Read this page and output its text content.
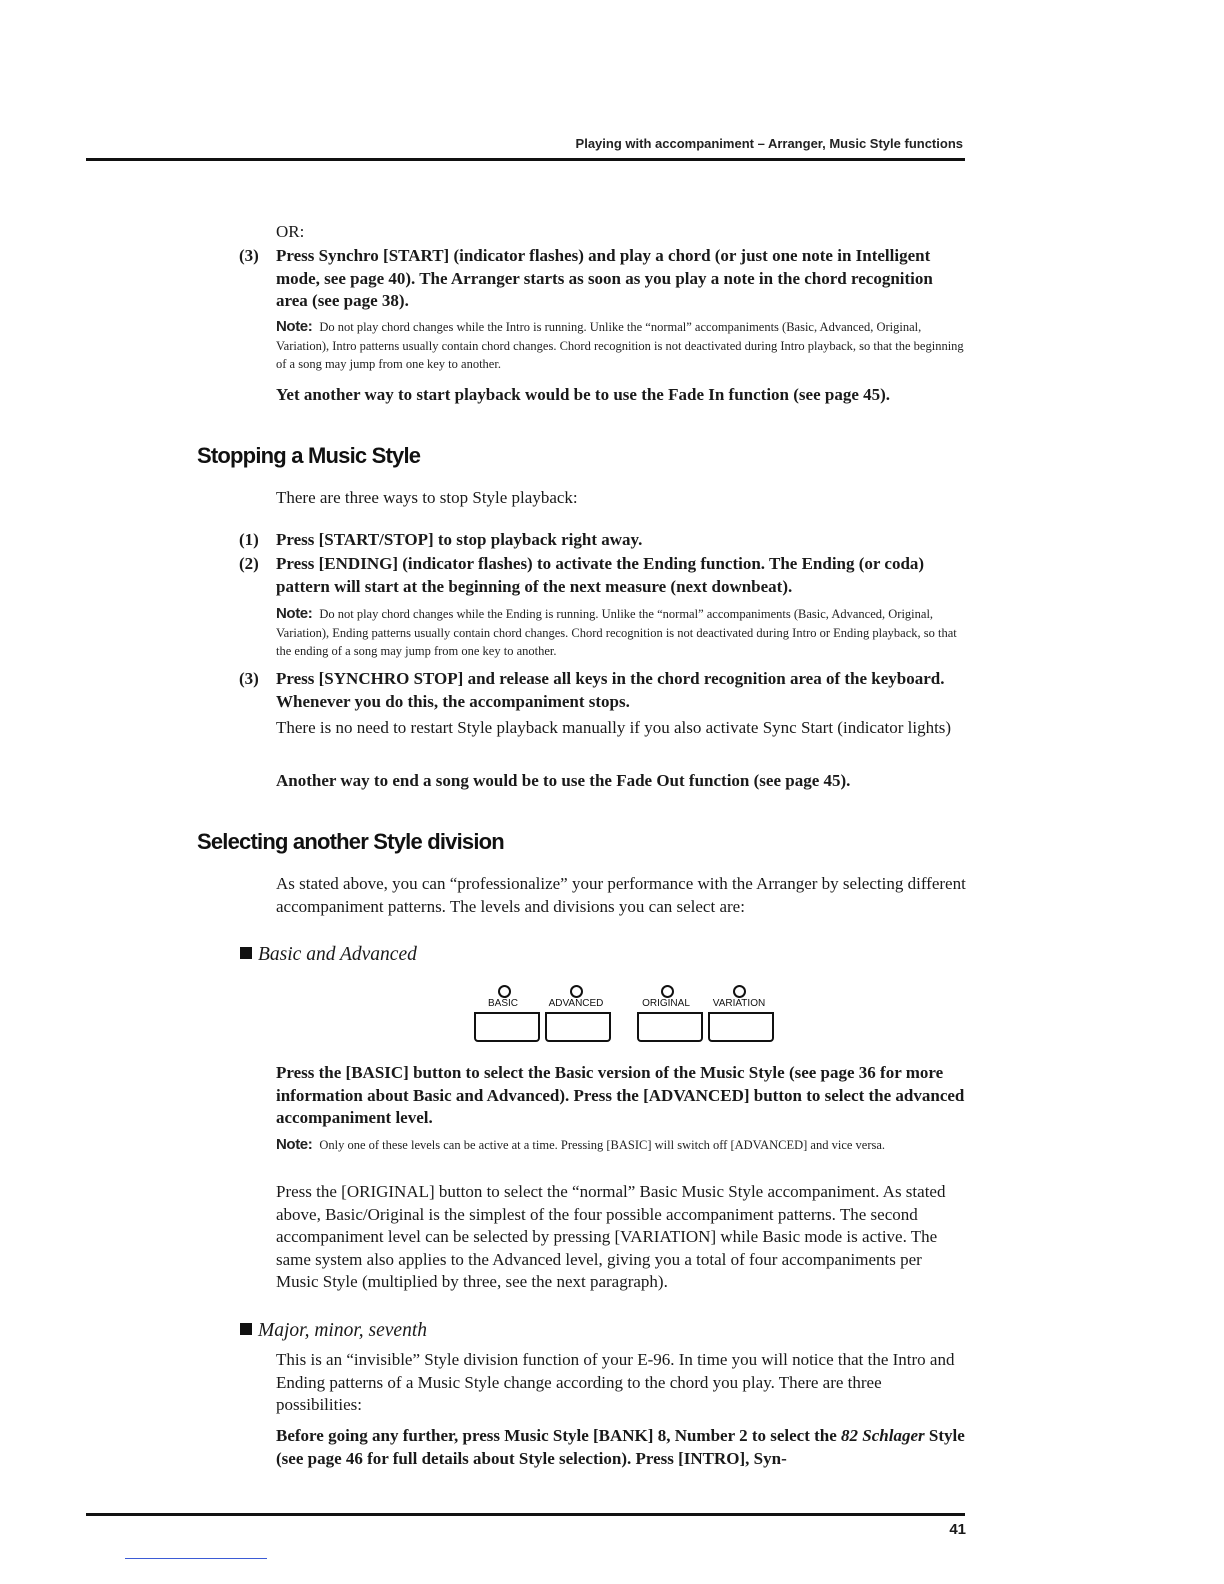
Playing with accompaniment – Arranger, Music Style functions
OR:
(3) Press Synchro [START] (indicator flashes) and play a chord (or just one note in Intelligent mode, see page 40). The Arranger starts as soon as you play a note in the chord recognition area (see page 38).
Note: Do not play chord changes while the Intro is running. Unlike the “normal” accompaniments (Basic, Advanced, Original, Variation), Intro patterns usually contain chord changes. Chord recognition is not deactivated during Intro playback, so that the beginning of a song may jump from one key to another.
Yet another way to start playback would be to use the Fade In function (see page 45).
Stopping a Music Style
There are three ways to stop Style playback:
(1) Press [START/STOP] to stop playback right away.
(2) Press [ENDING] (indicator flashes) to activate the Ending function. The Ending (or coda) pattern will start at the beginning of the next measure (next downbeat).
Note: Do not play chord changes while the Ending is running. Unlike the “normal” accompaniments (Basic, Advanced, Original, Variation), Ending patterns usually contain chord changes. Chord recognition is not deactivated during Intro or Ending playback, so that the ending of a song may jump from one key to another.
(3) Press [SYNCHRO STOP] and release all keys in the chord recognition area of the keyboard. Whenever you do this, the accompaniment stops.
There is no need to restart Style playback manually if you also activate Sync Start (indicator lights)
Another way to end a song would be to use the Fade Out function (see page 45).
Selecting another Style division
As stated above, you can “professionalize” your performance with the Arranger by selecting different accompaniment patterns. The levels and divisions you can select are:
Basic and Advanced
BASIC	ADVANCED	ORIGINAL	VARIATION
Press the [BASIC] button to select the Basic version of the Music Style (see page 36 for more information about Basic and Advanced). Press the [ADVANCED] button to select the advanced accompaniment level.
Note: Only one of these levels can be active at a time. Pressing [BASIC] will switch off [ADVANCED] and vice versa.
Press the [ORIGINAL] button to select the “normal” Basic Music Style accompaniment. As stated above, Basic/Original is the simplest of the four possible accompaniment patterns. The second accompaniment level can be selected by pressing [VARIATION] while Basic mode is active. The same system also applies to the Advanced level, giving you a total of four accompaniments per Music Style (multiplied by three, see the next paragraph).
Major, minor, seventh
This is an “invisible” Style division function of your E-96. In time you will notice that the Intro and Ending patterns of a Music Style change according to the chord you play. There are three possibilities:
Before going any further, press Music Style [BANK] 8, Number 2 to select the 82 Schlager Style (see page 46 for full details about Style selection). Press [INTRO], Syn-
41
